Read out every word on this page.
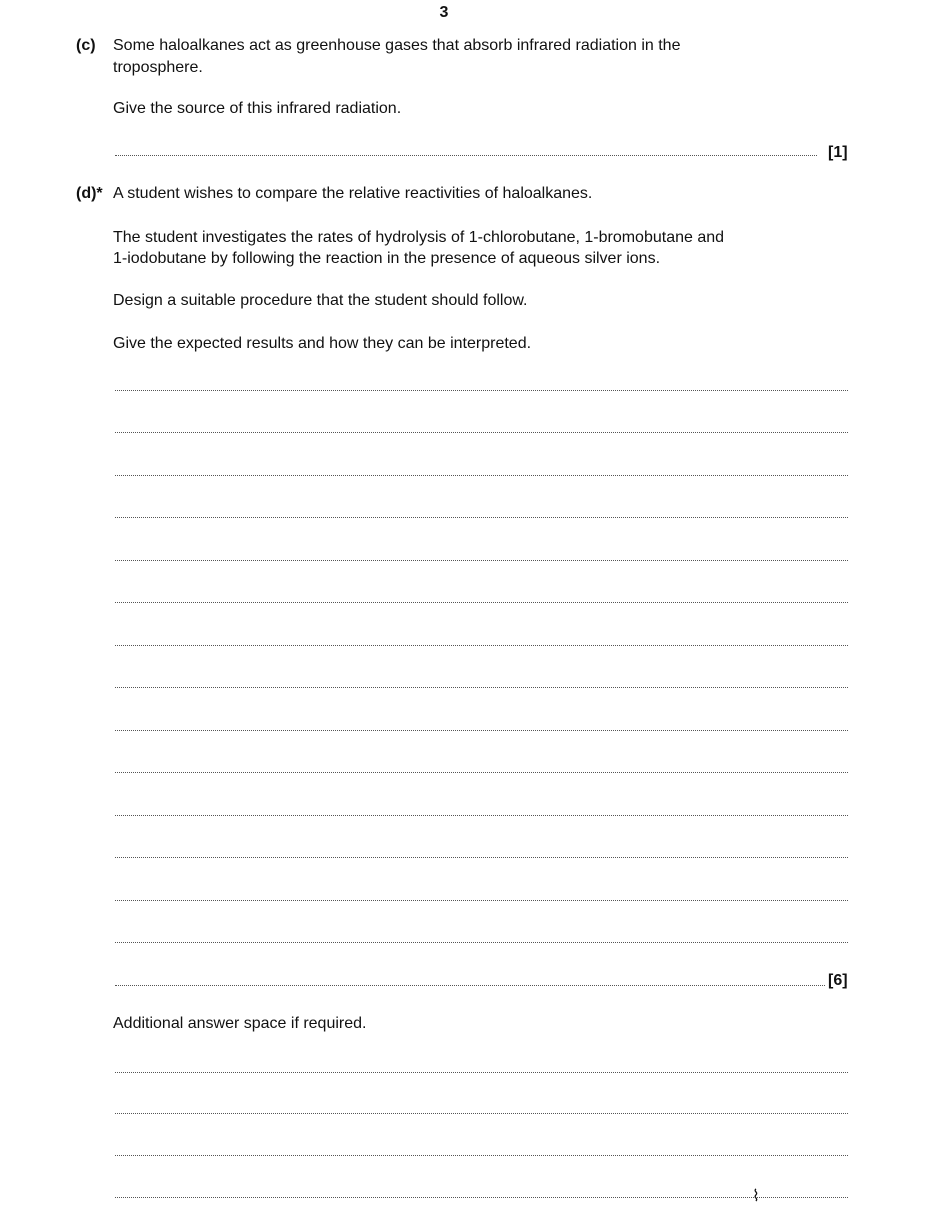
3
(c) Some haloalkanes act as greenhouse gases that absorb infrared radiation in the
troposphere.
Give the source of this infrared radiation.
[1]
(d)* A student wishes to compare the relative reactivities of haloalkanes.
The student investigates the rates of hydrolysis of 1-chlorobutane, 1-bromobutane and
1-iodobutane by following the reaction in the presence of aqueous silver ions.
Design a suitable procedure that the student should follow.
Give the expected results and how they can be interpreted.
[6]
Additional answer space if required.
⌇
